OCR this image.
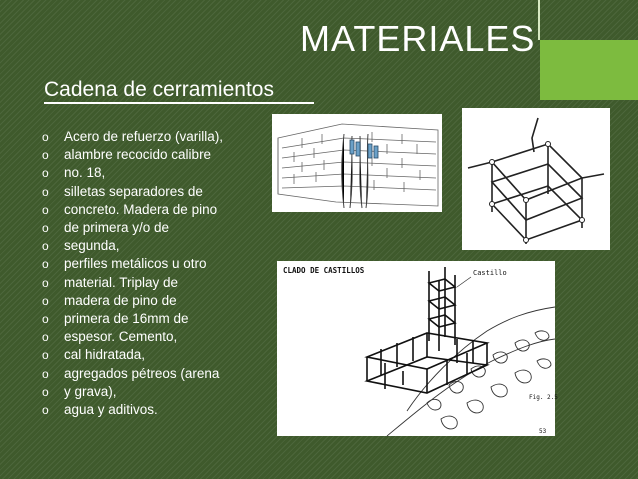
MATERIALES
Cadena de cerramientos
o Acero de refuerzo (varilla),
o alambre recocido calibre
o no. 18,
o silletas separadores de
o concreto. Madera de pino
o de primera y/o de
o segunda,
o perfiles metálicos u otro
o material. Triplay de
o madera de pino de
o primera de 16mm de
o espesor. Cemento,
o cal hidratada,
o agregados pétreos (arena
o y grava),
o agua y aditivos.
CLADO DE CASTILLOS	Castillo
Fig. 2.5
53
